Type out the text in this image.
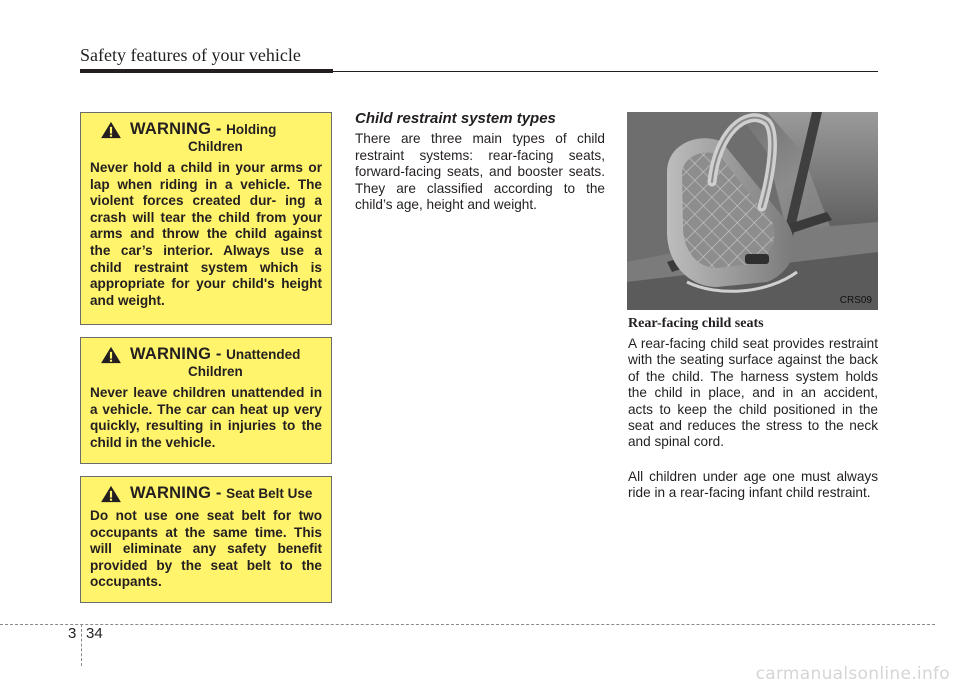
Safety features of your vehicle
WARNING - Holding
Children
Never hold a child in your arms or lap when riding in a vehicle. The violent forces created dur- ing a crash will tear the child from your arms and throw the child against the car’s interior. Always use a child restraint system which is appropriate for your child's height and weight.
WARNING - Unattended
Children
Never leave children unattended in a vehicle. The car can heat up very quickly, resulting in injuries to the child in the vehicle.
WARNING - Seat Belt Use
Do not use one seat belt for two occupants at the same time. This will eliminate any safety benefit provided by the seat belt to the occupants.
Child restraint system types

There are three main types of child restraint systems: rear-facing seats, forward-facing seats, and booster seats. They are classified according to the child’s age, height and weight.

CRS09
Rear-facing child seats

A rear-facing child seat provides restraint with the seating surface against the back of the child. The harness system holds the child in place, and in an accident, acts to keep the child positioned in the seat and reduces the stress to the neck and spinal cord.

All children under age one must always ride in a rear-facing infant child restraint.

3 34
carmanualsonline.info
